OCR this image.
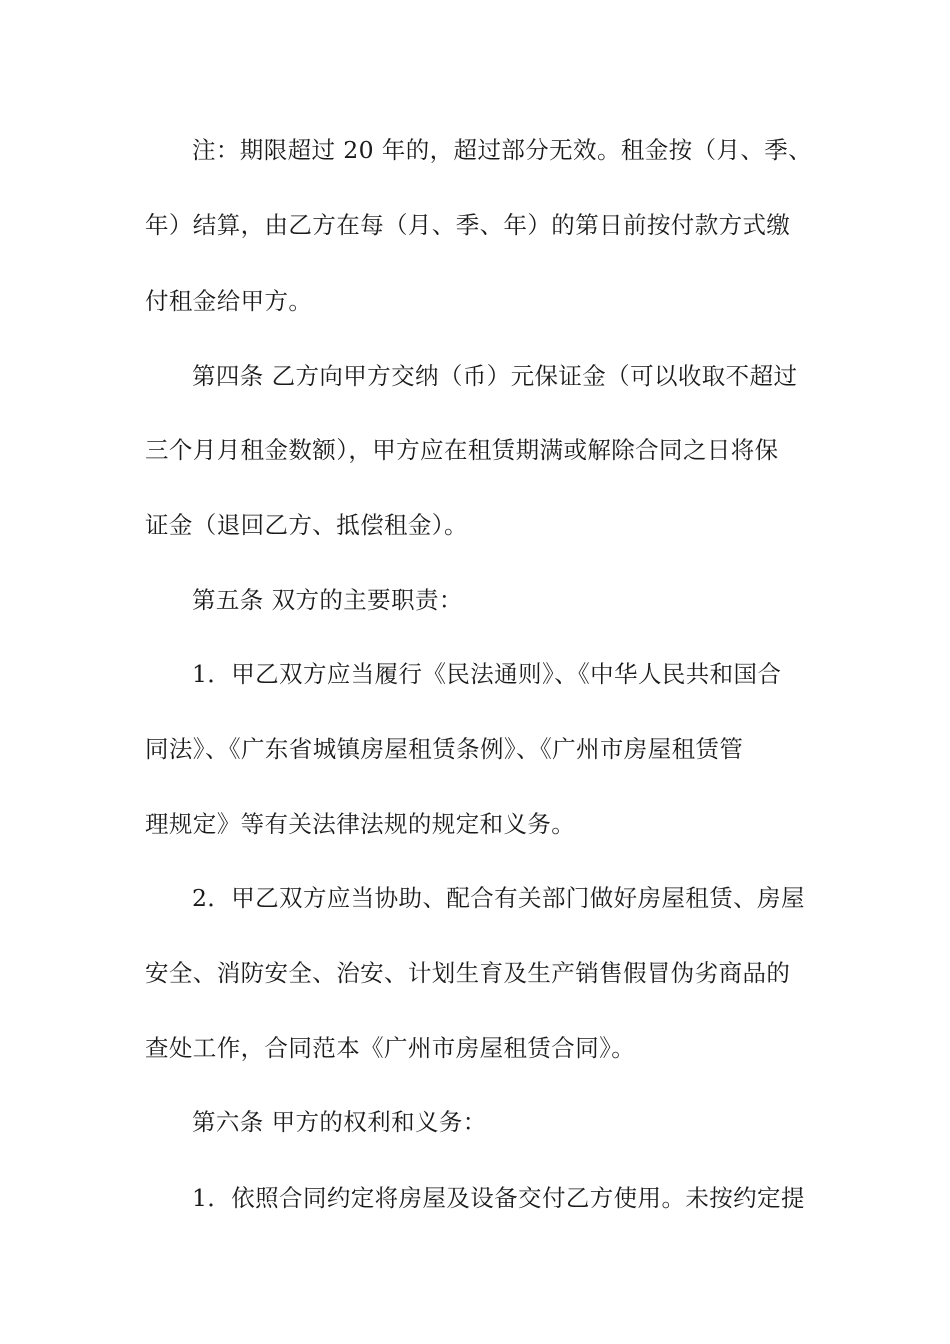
注：期限超过 20 年的，超过部分无效。租金按（月、季、
年）结算，由乙方在每（月、季、年）的第日前按付款方式缴
付租金给甲方。
第四条 乙方向甲方交纳（币）元保证金（可以收取不超过
三个月月租金数额），甲方应在租赁期满或解除合同之日将保
证金（退回乙方、抵偿租金）。
第五条 双方的主要职责：
1．甲乙双方应当履行《民法通则》、《中华人民共和国合
同法》、《广东省城镇房屋租赁条例》、《广州市房屋租赁管
理规定》等有关法律法规的规定和义务。
2．甲乙双方应当协助、配合有关部门做好房屋租赁、房屋
安全、消防安全、治安、计划生育及生产销售假冒伪劣商品的
查处工作，合同范本《广州市房屋租赁合同》。
第六条 甲方的权利和义务：
1．依照合同约定将房屋及设备交付乙方使用。未按约定提
